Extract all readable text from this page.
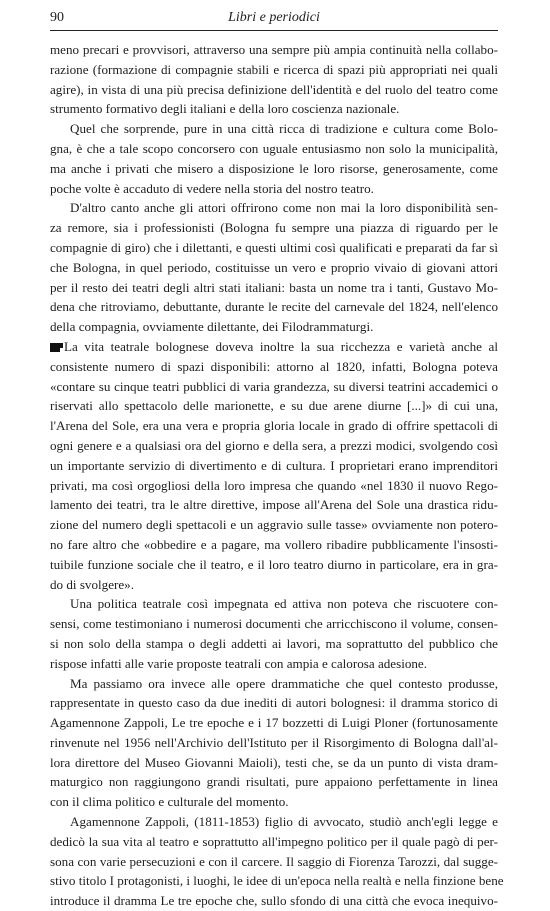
90	Libri e periodici
meno precari e provvisori, attraverso una sempre più ampia continuità nella collabo-
razione (formazione di compagnie stabili e ricerca di spazi più appropriati nei quali
agire), in vista di una più precisa definizione dell'identità e del ruolo del teatro come
strumento formativo degli italiani e della loro coscienza nazionale.
Quel che sorprende, pure in una città ricca di tradizione e cultura come Bolo-
gna, è che a tale scopo concorsero con uguale entusiasmo non solo la municipalità,
ma anche i privati che misero a disposizione le loro risorse, generosamente, come
poche volte è accaduto di vedere nella storia del nostro teatro.
D'altro canto anche gli attori offrirono come non mai la loro disponibilità sen-
za remore, sia i professionisti (Bologna fu sempre una piazza di riguardo per le
compagnie di giro) che i dilettanti, e questi ultimi così qualificati e preparati da far sì
che Bologna, in quel periodo, costituisse un vero e proprio vivaio di giovani attori
per il resto dei teatri degli altri stati italiani: basta un nome tra i tanti, Gustavo Mo-
dena che ritroviamo, debuttante, durante le recite del carnevale del 1824, nell'elenco
della compagnia, ovviamente dilettante, dei Filodrammaturgi.
La vita teatrale bolognese doveva inoltre la sua ricchezza e varietà anche al
consistente numero di spazi disponibili: attorno al 1820, infatti, Bologna poteva
«contare su cinque teatri pubblici di varia grandezza, su diversi teatrini accademici o
riservati allo spettacolo delle marionette, e su due arene diurne [...]» di cui una,
l'Arena del Sole, era una vera e propria gloria locale in grado di offrire spettacoli di
ogni genere e a qualsiasi ora del giorno e della sera, a prezzi modici, svolgendo così
un importante servizio di divertimento e di cultura. I proprietari erano imprenditori
privati, ma così orgogliosi della loro impresa che quando «nel 1830 il nuovo Rego-
lamento dei teatri, tra le altre direttive, impose all'Arena del Sole una drastica ridu-
zione del numero degli spettacoli e un aggravio sulle tasse» ovviamente non potero-
no fare altro che «obbedire e a pagare, ma vollero ribadire pubblicamente l'insosti-
tuibile funzione sociale che il teatro, e il loro teatro diurno in particolare, era in gra-
do di svolgere».
Una politica teatrale così impegnata ed attiva non poteva che riscuotere con-
sensi, come testimoniano i numerosi documenti che arricchiscono il volume, consen-
si non solo della stampa o degli addetti ai lavori, ma soprattutto del pubblico che
rispose infatti alle varie proposte teatrali con ampia e calorosa adesione.
Ma passiamo ora invece alle opere drammatiche che quel contesto produsse,
rappresentate in questo caso da due inediti di autori bolognesi: il dramma storico di
Agamennone Zappoli, Le tre epoche e i 17 bozzetti di Luigi Ploner (fortunosamente
rinvenute nel 1956 nell'Archivio dell'Istituto per il Risorgimento di Bologna dall'al-
lora direttore del Museo Giovanni Maioli), testi che, se da un punto di vista dram-
maturgico non raggiungono grandi risultati, pure appaiono perfettamente in linea
con il clima politico e culturale del momento.
Agamennone Zappoli, (1811-1853) figlio di avvocato, studiò anch'egli legge e
dedicò la sua vita al teatro e soprattutto all'impegno politico per il quale pagò di per-
sona con varie persecuzioni e con il carcere. Il saggio di Fiorenza Tarozzi, dal sugge-
stivo titolo I protagonisti, i luoghi, le idee di un'epoca nella realtà e nella finzione bene
introduce il dramma Le tre epoche che, sullo sfondo di una città che evoca inequivo-
